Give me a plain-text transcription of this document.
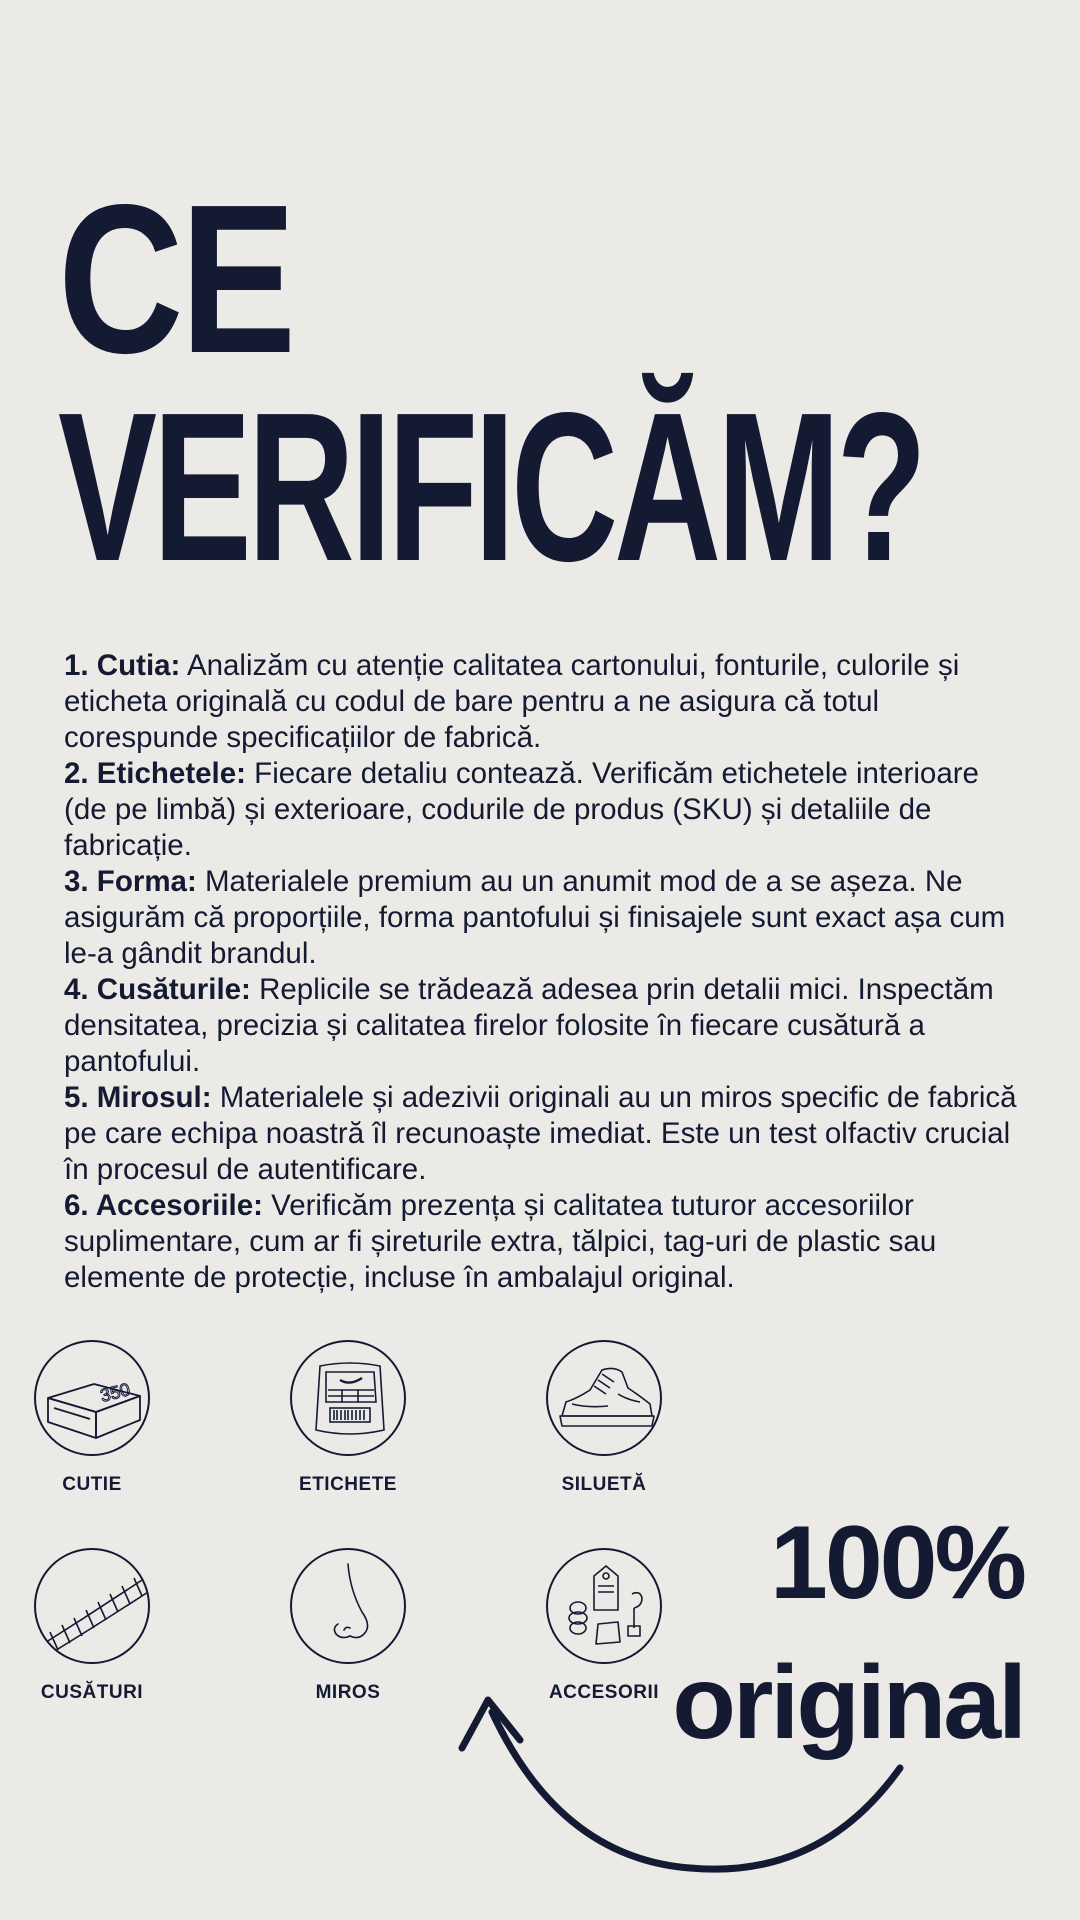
CE
VERIFICĂM?

1. Cutia: Analizăm cu atenție calitatea cartonului, fonturile, culorile și eticheta originală cu codul de bare pentru a ne asigura că totul corespunde specificațiilor de fabrică.

2. Etichetele: Fiecare detaliu contează. Verificăm etichetele interioare (de pe limbă) și exterioare, codurile de produs (SKU) și detaliile de fabricație.

3. Forma: Materialele premium au un anumit mod de a se așeza. Ne asigurăm că proporțiile, forma pantofului și finisajele sunt exact așa cum le-a gândit brandul.

4. Cusăturile: Replicile se trădează adesea prin detalii mici. Inspectăm densitatea, precizia și calitatea firelor folosite în fiecare cusătură a pantofului.

5. Mirosul: Materialele și adezivii originali au un miros specific de fabrică pe care echipa noastră îl recunoaște imediat. Este un test olfactiv crucial în procesul de autentificare.

6. Accesoriile: Verificăm prezența și calitatea tuturor accesoriilor suplimentare, cum ar fi șireturile extra, tălpici, tag-uri de plastic sau elemente de protecție, incluse în ambalajul original.

350
CUTIE	ETICHETE	SILUETĂ
CUSĂTURI	MIROS	ACCESORII
100%
original
